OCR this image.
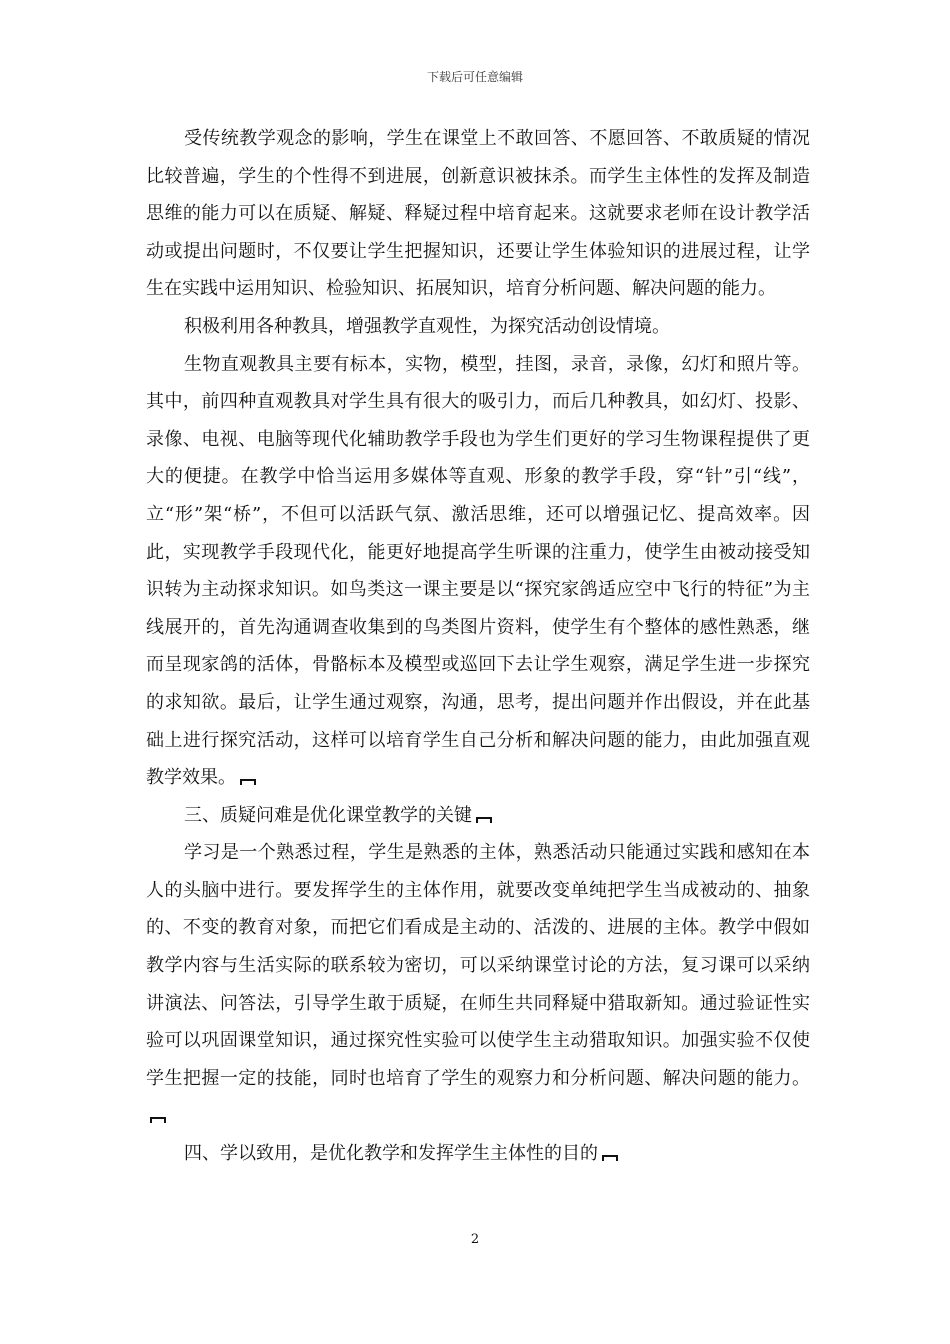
下载后可任意编辑

受传统教学观念的影响，学生在课堂上不敢回答、不愿回答、不敢质疑的情况比较普遍，学生的个性得不到进展，创新意识被抹杀。而学生主体性的发挥及制造思维的能力可以在质疑、解疑、释疑过程中培育起来。这就要求老师在设计教学活动或提出问题时，不仅要让学生把握知识，还要让学生体验知识的进展过程，让学生在实践中运用知识、检验知识、拓展知识，培育分析问题、解决问题的能力。

积极利用各种教具，增强教学直观性，为探究活动创设情境。

生物直观教具主要有标本，实物，模型，挂图，录音，录像，幻灯和照片等。其中，前四种直观教具对学生具有很大的吸引力，而后几种教具，如幻灯、投影、录像、电视、电脑等现代化辅助教学手段也为学生们更好的学习生物课程提供了更大的便捷。在教学中恰当运用多媒体等直观、形象的教学手段，穿“针”引“线”，立“形”架“桥”，不但可以活跃气氛、激活思维，还可以增强记忆、提高效率。因此，实现教学手段现代化，能更好地提高学生听课的注重力，使学生由被动接受知识转为主动探求知识。如鸟类这一课主要是以“探究家鸽适应空中飞行的特征”为主线展开的，首先沟通调查收集到的鸟类图片资料，使学生有个整体的感性熟悉，继而呈现家鸽的活体，骨骼标本及模型或巡回下去让学生观察，满足学生进一步探究的求知欲。最后，让学生通过观察，沟通，思考，提出问题并作出假设，并在此基础上进行探究活动，这样可以培育学生自己分析和解决问题的能力，由此加强直观教学效果。

三、质疑问难是优化课堂教学的关键

学习是一个熟悉过程，学生是熟悉的主体，熟悉活动只能通过实践和感知在本人的头脑中进行。要发挥学生的主体作用，就要改变单纯把学生当成被动的、抽象的、不变的教育对象，而把它们看成是主动的、活泼的、进展的主体。教学中假如教学内容与生活实际的联系较为密切，可以采纳课堂讨论的方法，复习课可以采纳讲演法、问答法，引导学生敢于质疑，在师生共同释疑中猎取新知。通过验证性实验可以巩固课堂知识，通过探究性实验可以使学生主动猎取知识。加强实验不仅使学生把握一定的技能，同时也培育了学生的观察力和分析问题、解决问题的能力。

四、学以致用，是优化教学和发挥学生主体性的目的

2
